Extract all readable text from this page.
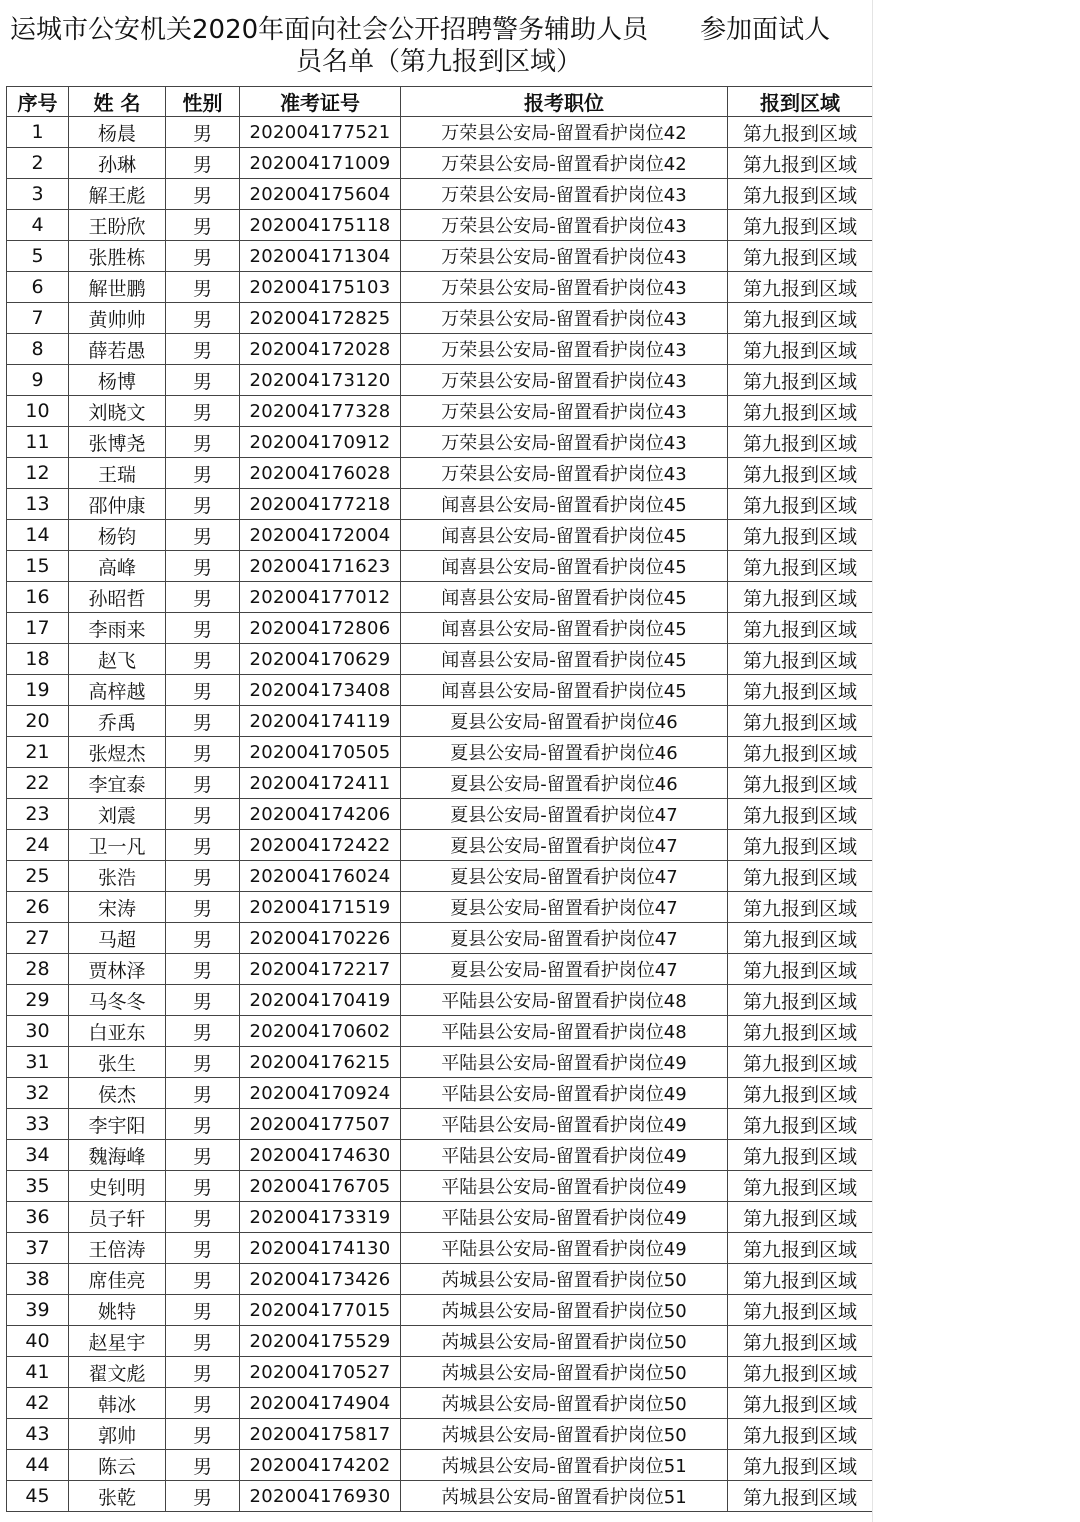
运城市公安机关2020年面向社会公开招聘警务辅助人员　　参加面试人
员名单（第九报到区域）
序号	姓 名	性别	准考证号	报考职位	报到区域
1	杨晨	男	202004177521	万荣县公安局-留置看护岗位42	第九报到区域
2	孙琳	男	202004171009	万荣县公安局-留置看护岗位42	第九报到区域
3	解王彪	男	202004175604	万荣县公安局-留置看护岗位43	第九报到区域
4	王盼欣	男	202004175118	万荣县公安局-留置看护岗位43	第九报到区域
5	张胜栋	男	202004171304	万荣县公安局-留置看护岗位43	第九报到区域
6	解世鹏	男	202004175103	万荣县公安局-留置看护岗位43	第九报到区域
7	黄帅帅	男	202004172825	万荣县公安局-留置看护岗位43	第九报到区域
8	薛若愚	男	202004172028	万荣县公安局-留置看护岗位43	第九报到区域
9	杨博	男	202004173120	万荣县公安局-留置看护岗位43	第九报到区域
10	刘晓文	男	202004177328	万荣县公安局-留置看护岗位43	第九报到区域
11	张博尧	男	202004170912	万荣县公安局-留置看护岗位43	第九报到区域
12	王瑞	男	202004176028	万荣县公安局-留置看护岗位43	第九报到区域
13	邵仲康	男	202004177218	闻喜县公安局-留置看护岗位45	第九报到区域
14	杨钧	男	202004172004	闻喜县公安局-留置看护岗位45	第九报到区域
15	高峰	男	202004171623	闻喜县公安局-留置看护岗位45	第九报到区域
16	孙昭哲	男	202004177012	闻喜县公安局-留置看护岗位45	第九报到区域
17	李雨来	男	202004172806	闻喜县公安局-留置看护岗位45	第九报到区域
18	赵飞	男	202004170629	闻喜县公安局-留置看护岗位45	第九报到区域
19	高梓越	男	202004173408	闻喜县公安局-留置看护岗位45	第九报到区域
20	乔禹	男	202004174119	夏县公安局-留置看护岗位46	第九报到区域
21	张煜杰	男	202004170505	夏县公安局-留置看护岗位46	第九报到区域
22	李宜泰	男	202004172411	夏县公安局-留置看护岗位46	第九报到区域
23	刘震	男	202004174206	夏县公安局-留置看护岗位47	第九报到区域
24	卫一凡	男	202004172422	夏县公安局-留置看护岗位47	第九报到区域
25	张浩	男	202004176024	夏县公安局-留置看护岗位47	第九报到区域
26	宋涛	男	202004171519	夏县公安局-留置看护岗位47	第九报到区域
27	马超	男	202004170226	夏县公安局-留置看护岗位47	第九报到区域
28	贾林泽	男	202004172217	夏县公安局-留置看护岗位47	第九报到区域
29	马冬冬	男	202004170419	平陆县公安局-留置看护岗位48	第九报到区域
30	白亚东	男	202004170602	平陆县公安局-留置看护岗位48	第九报到区域
31	张生	男	202004176215	平陆县公安局-留置看护岗位49	第九报到区域
32	侯杰	男	202004170924	平陆县公安局-留置看护岗位49	第九报到区域
33	李宇阳	男	202004177507	平陆县公安局-留置看护岗位49	第九报到区域
34	魏海峰	男	202004174630	平陆县公安局-留置看护岗位49	第九报到区域
35	史钊明	男	202004176705	平陆县公安局-留置看护岗位49	第九报到区域
36	员子轩	男	202004173319	平陆县公安局-留置看护岗位49	第九报到区域
37	王倍涛	男	202004174130	平陆县公安局-留置看护岗位49	第九报到区域
38	席佳亮	男	202004173426	芮城县公安局-留置看护岗位50	第九报到区域
39	姚特	男	202004177015	芮城县公安局-留置看护岗位50	第九报到区域
40	赵星宇	男	202004175529	芮城县公安局-留置看护岗位50	第九报到区域
41	翟文彪	男	202004170527	芮城县公安局-留置看护岗位50	第九报到区域
42	韩冰	男	202004174904	芮城县公安局-留置看护岗位50	第九报到区域
43	郭帅	男	202004175817	芮城县公安局-留置看护岗位50	第九报到区域
44	陈云	男	202004174202	芮城县公安局-留置看护岗位51	第九报到区域
45	张乾	男	202004176930	芮城县公安局-留置看护岗位51	第九报到区域
